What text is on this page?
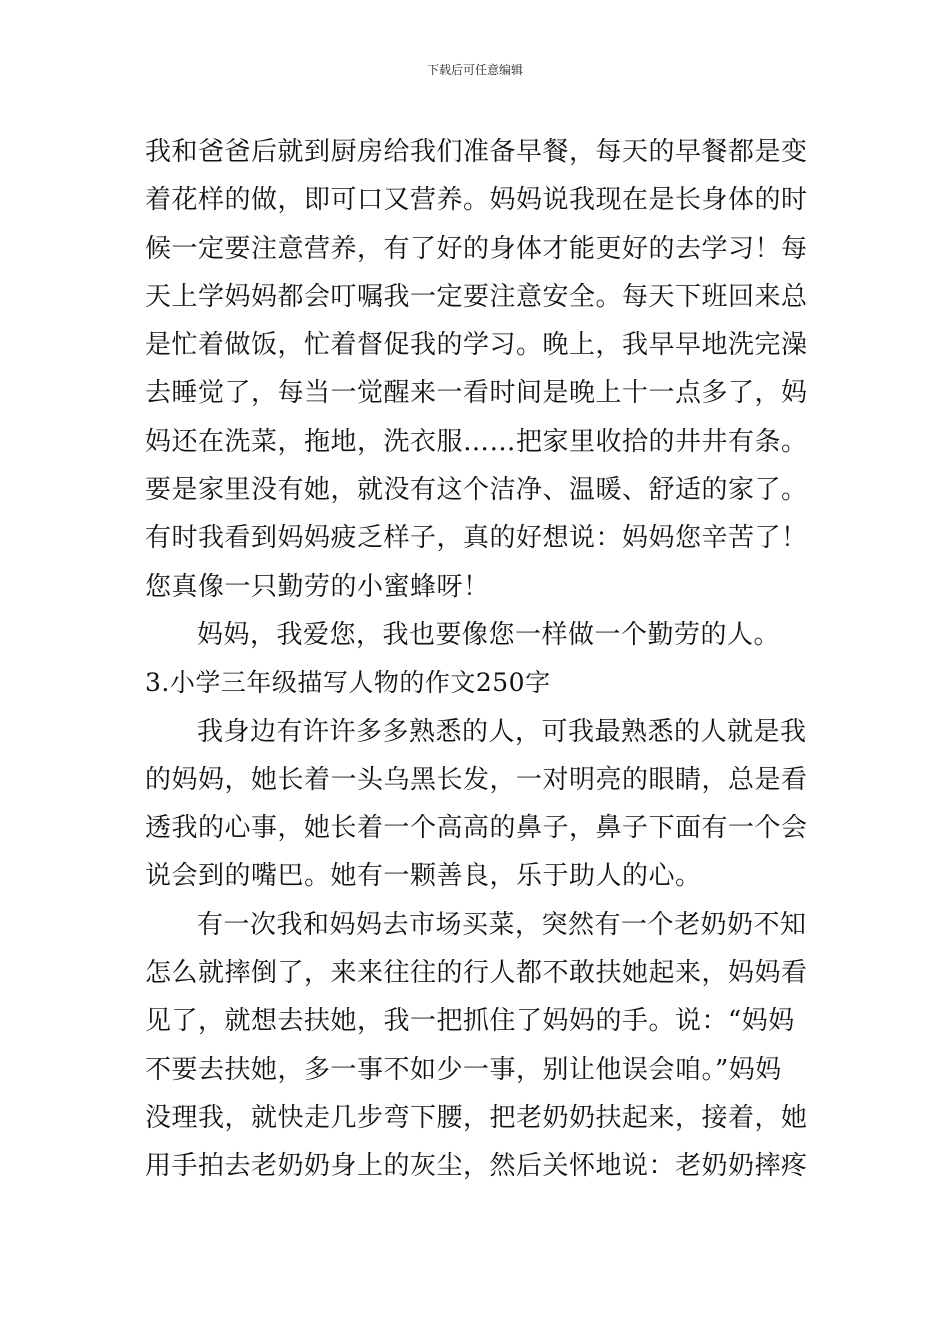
下载后可任意编辑
我和爸爸后就到厨房给我们准备早餐，每天的早餐都是变
着花样的做，即可口又营养。妈妈说我现在是长身体的时
候一定要注意营养，有了好的身体才能更好的去学习！每
天上学妈妈都会叮嘱我一定要注意安全。每天下班回来总
是忙着做饭，忙着督促我的学习。晚上，我早早地洗完澡
去睡觉了，每当一觉醒来一看时间是晚上十一点多了，妈
妈还在洗菜，拖地，洗衣服……把家里收拾的井井有条。
要是家里没有她，就没有这个洁净、温暖、舒适的家了。
有时我看到妈妈疲乏样子，真的好想说：妈妈您辛苦了！
您真像一只勤劳的小蜜蜂呀！
妈妈，我爱您，我也要像您一样做一个勤劳的人。
3.小学三年级描写人物的作文250字
我身边有许许多多熟悉的人，可我最熟悉的人就是我
的妈妈，她长着一头乌黑长发，一对明亮的眼睛，总是看
透我的心事，她长着一个高高的鼻子，鼻子下面有一个会
说会到的嘴巴。她有一颗善良，乐于助人的心。
有一次我和妈妈去市场买菜，突然有一个老奶奶不知
怎么就摔倒了，来来往往的行人都不敢扶她起来，妈妈看
见了，就想去扶她，我一把抓住了妈妈的手。说：“妈妈
不要去扶她，多一事不如少一事，别让他误会咱。”妈妈
没理我，就快走几步弯下腰，把老奶奶扶起来，接着，她
用手拍去老奶奶身上的灰尘，然后关怀地说：老奶奶摔疼
